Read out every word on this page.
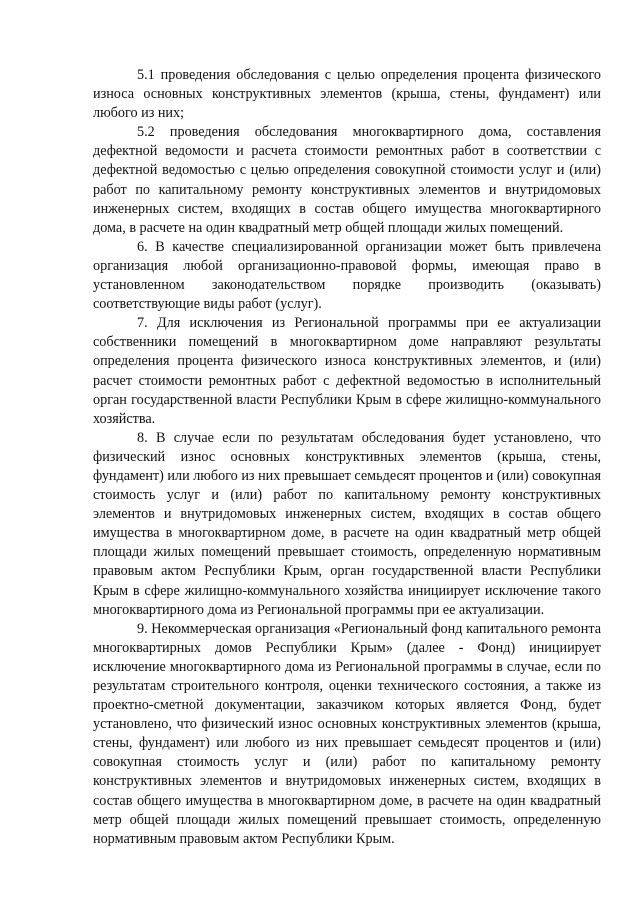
5.1 проведения обследования с целью определения процента физического износа основных конструктивных элементов (крыша, стены, фундамент) или любого из них;

5.2 проведения обследования многоквартирного дома, составления дефектной ведомости и расчета стоимости ремонтных работ в соответствии с дефектной ведомостью с целью определения совокупной стоимости услуг и (или) работ по капитальному ремонту конструктивных элементов и внутридомовых инженерных систем, входящих в состав общего имущества многоквартирного дома, в расчете на один квадратный метр общей площади жилых помещений.

6. В качестве специализированной организации может быть привлечена организация любой организационно-правовой формы, имеющая право в установленном законодательством порядке производить (оказывать) соответствующие виды работ (услуг).

7. Для исключения из Региональной программы при ее актуализации собственники помещений в многоквартирном доме направляют результаты определения процента физического износа конструктивных элементов, и (или) расчет стоимости ремонтных работ с дефектной ведомостью в исполнительный орган государственной власти Республики Крым в сфере жилищно-коммунального хозяйства.

8. В случае если по результатам обследования будет установлено, что физический износ основных конструктивных элементов (крыша, стены, фундамент) или любого из них превышает семьдесят процентов и (или) совокупная стоимость услуг и (или) работ по капитальному ремонту конструктивных элементов и внутридомовых инженерных систем, входящих в состав общего имущества в многоквартирном доме, в расчете на один квадратный метр общей площади жилых помещений превышает стоимость, определенную нормативным правовым актом Республики Крым, орган государственной власти Республики Крым в сфере жилищно-коммунального хозяйства инициирует исключение такого многоквартирного дома из Региональной программы при ее актуализации.

9. Некоммерческая организация «Региональный фонд капитального ремонта многоквартирных домов Республики Крым» (далее - Фонд) инициирует исключение многоквартирного дома из Региональной программы в случае, если по результатам строительного контроля, оценки технического состояния, а также из проектно-сметной документации, заказчиком которых является Фонд, будет установлено, что физический износ основных конструктивных элементов (крыша, стены, фундамент) или любого из них превышает семьдесят процентов и (или) совокупная стоимость услуг и (или) работ по капитальному ремонту конструктивных элементов и внутридомовых инженерных систем, входящих в состав общего имущества в многоквартирном доме, в расчете на один квадратный метр общей площади жилых помещений превышает стоимость, определенную нормативным правовым актом Республики Крым.
